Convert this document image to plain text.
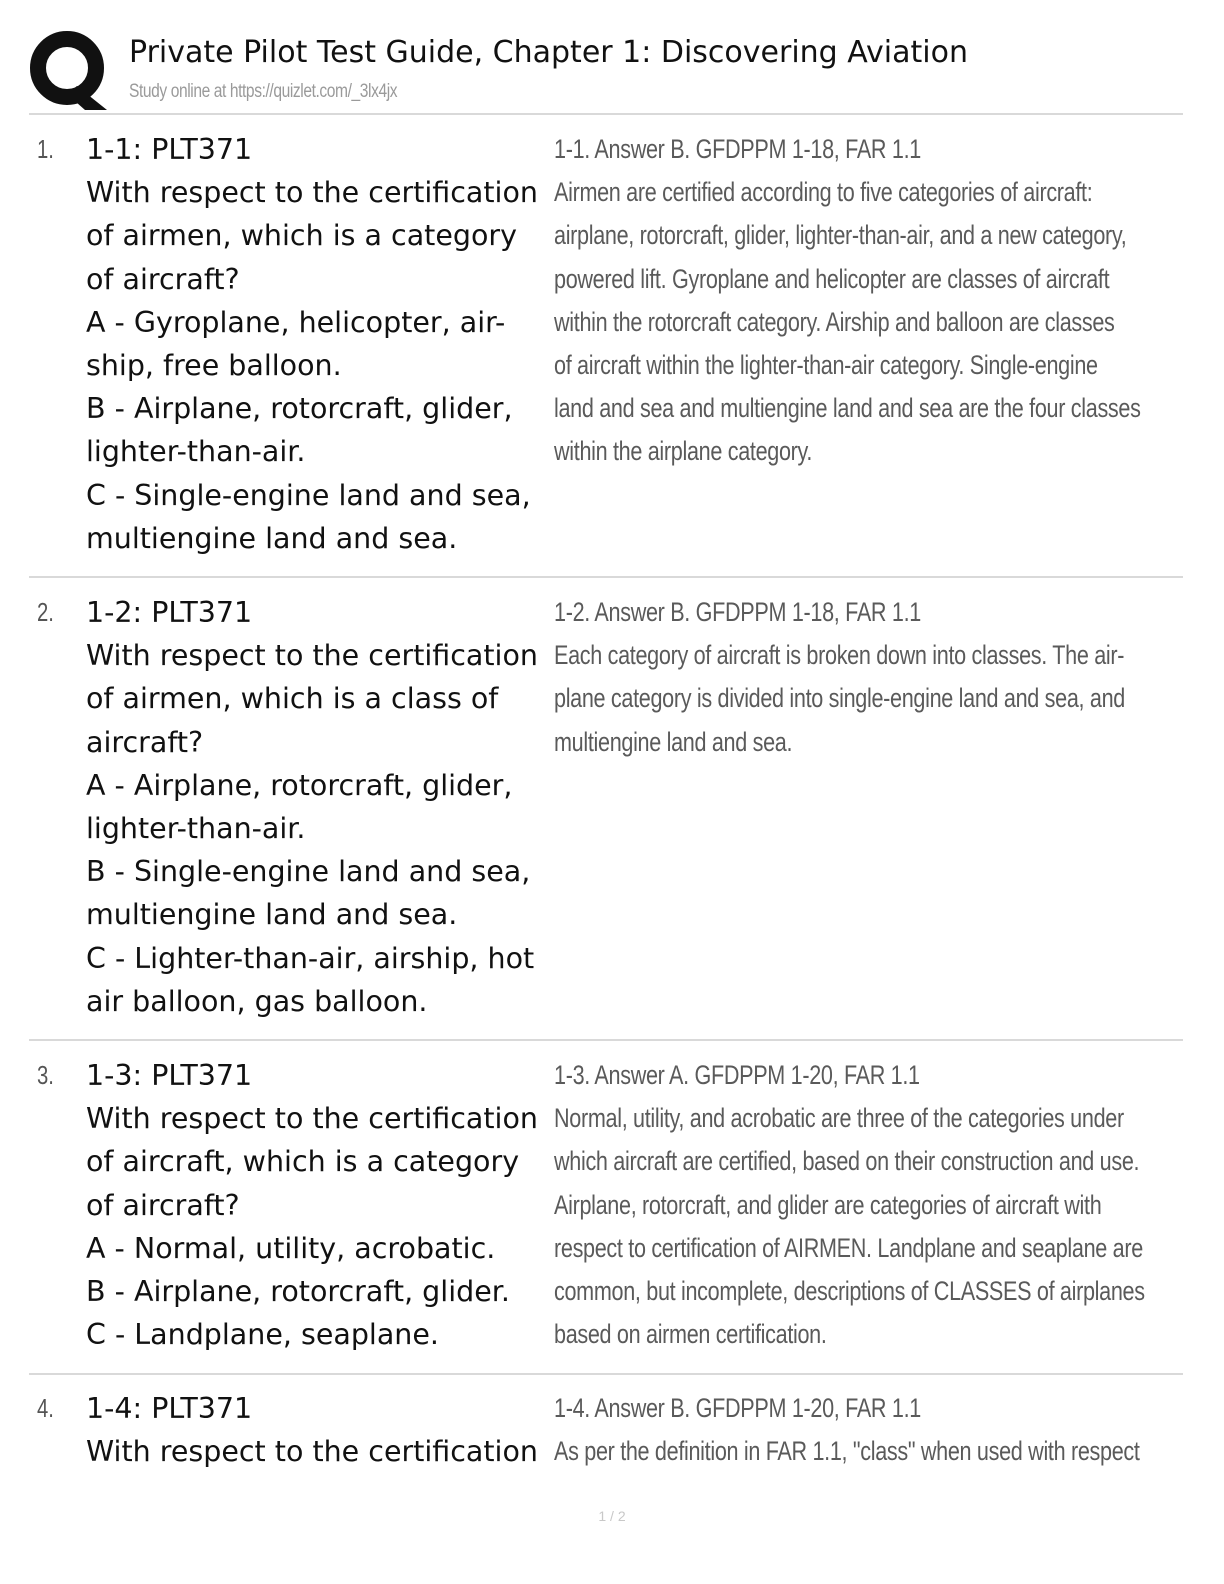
Private Pilot Test Guide, Chapter 1: Discovering Aviation
Study online at https://quizlet.com/_3lx4jx
1. 1-1: PLT371
With respect to the certification
of airmen, which is a category
of aircraft?
A - Gyroplane, helicopter, air-
ship, free balloon.
B - Airplane, rotorcraft, glider,
lighter-than-air.
C - Single-engine land and sea,
multiengine land and sea.
1-1. Answer B. GFDPPM 1-18, FAR 1.1
Airmen are certified according to five categories of aircraft:
airplane, rotorcraft, glider, lighter-than-air, and a new category,
powered lift. Gyroplane and helicopter are classes of aircraft
within the rotorcraft category. Airship and balloon are classes
of aircraft within the lighter-than-air category. Single-engine
land and sea and multiengine land and sea are the four classes
within the airplane category.
2. 1-2: PLT371
With respect to the certification
of airmen, which is a class of
aircraft?
A - Airplane, rotorcraft, glider,
lighter-than-air.
B - Single-engine land and sea,
multiengine land and sea.
C - Lighter-than-air, airship, hot
air balloon, gas balloon.
1-2. Answer B. GFDPPM 1-18, FAR 1.1
Each category of aircraft is broken down into classes. The air-
plane category is divided into single-engine land and sea, and
multiengine land and sea.
3. 1-3: PLT371
With respect to the certification
of aircraft, which is a category
of aircraft?
A - Normal, utility, acrobatic.
B - Airplane, rotorcraft, glider.
C - Landplane, seaplane.
1-3. Answer A. GFDPPM 1-20, FAR 1.1
Normal, utility, and acrobatic are three of the categories under
which aircraft are certified, based on their construction and use.
Airplane, rotorcraft, and glider are categories of aircraft with
respect to certification of AIRMEN. Landplane and seaplane are
common, but incomplete, descriptions of CLASSES of airplanes
based on airmen certification.
4. 1-4: PLT371
With respect to the certification
1-4. Answer B. GFDPPM 1-20, FAR 1.1
As per the definition in FAR 1.1, "class" when used with respect
1 / 2
